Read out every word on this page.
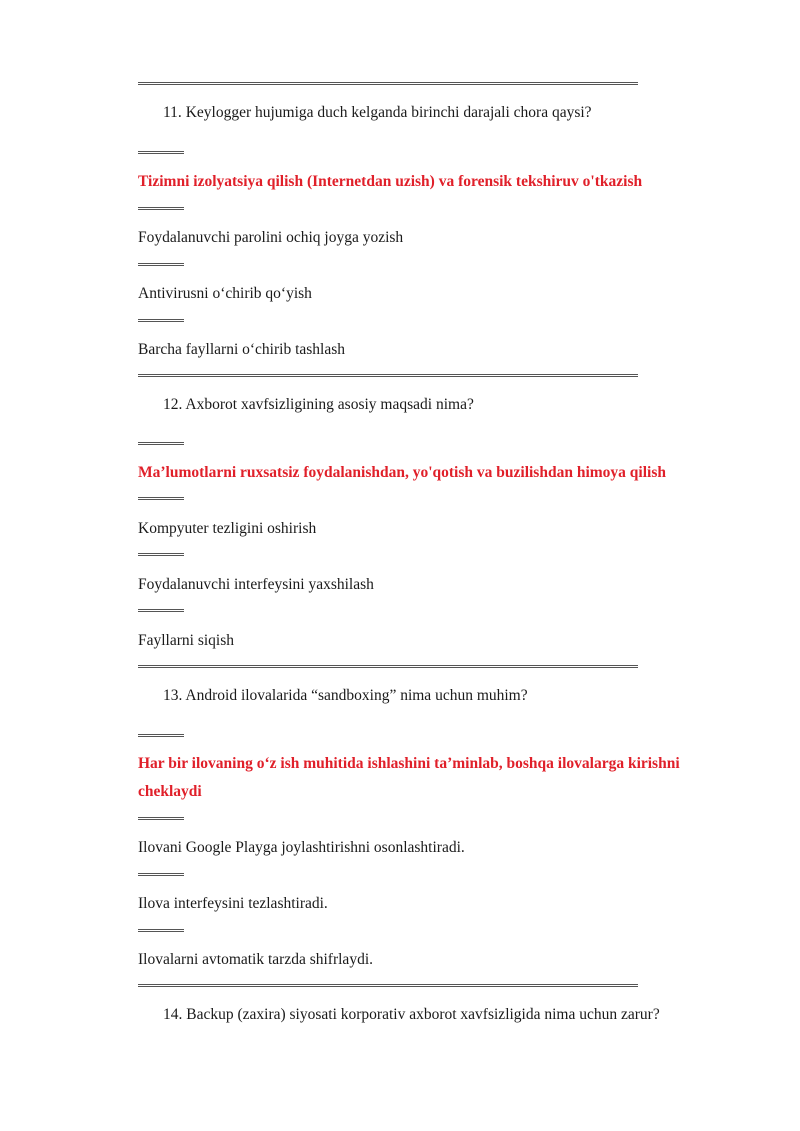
11. Keylogger hujumiga duch kelganda birinchi darajali chora qaysi?
Tizimni izolyatsiya qilish (Internetdan uzish) va forensik tekshiruv o'tkazish
Foydalanuvchi parolini ochiq joyga yozish
Antivirusni o‘chirib qo‘yish
Barcha fayllarni o‘chirib tashlash
12. Axborot xavfsizligining asosiy maqsadi nima?
Ma’lumotlarni ruxsatsiz foydalanishdan, yo'qotish va buzilishdan himoya qilish
Kompyuter tezligini oshirish
Foydalanuvchi interfeysini yaxshilash
Fayllarni siqish
13. Android ilovalarida “sandboxing” nima uchun muhim?
Har bir ilovaning o‘z ish muhitida ishlashini ta’minlab, boshqa ilovalarga kirishni cheklaydi
Ilovani Google Playga joylashtirishni osonlashtiradi.
Ilova interfeysini tezlashtiradi.
Ilovalarni avtomatik tarzda shifrlaydi.
14. Backup (zaxira) siyosati korporativ axborot xavfsizligida nima uchun zarur?
